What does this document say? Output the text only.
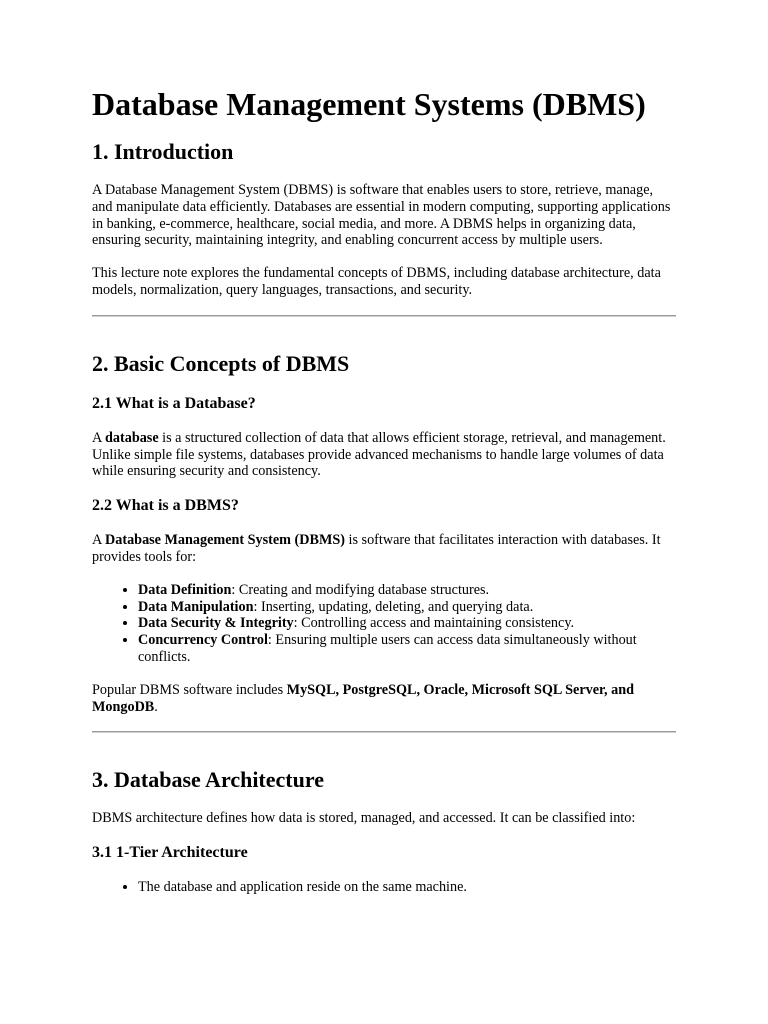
Database Management Systems (DBMS)
1. Introduction

A Database Management System (DBMS) is software that enables users to store, retrieve, manage, and manipulate data efficiently. Databases are essential in modern computing, supporting applications in banking, e-commerce, healthcare, social media, and more. A DBMS helps in organizing data, ensuring security, maintaining integrity, and enabling concurrent access by multiple users.

This lecture note explores the fundamental concepts of DBMS, including database architecture, data models, normalization, query languages, transactions, and security.

2. Basic Concepts of DBMS
2.1 What is a Database?

A database is a structured collection of data that allows efficient storage, retrieval, and management. Unlike simple file systems, databases provide advanced mechanisms to handle large volumes of data while ensuring security and consistency.

2.2 What is a DBMS?

A Database Management System (DBMS) is software that facilitates interaction with databases. It provides tools for:

• Data Definition: Creating and modifying database structures.
• Data Manipulation: Inserting, updating, deleting, and querying data.
• Data Security & Integrity: Controlling access and maintaining consistency.
• Concurrency Control: Ensuring multiple users can access data simultaneously without conflicts.

Popular DBMS software includes MySQL, PostgreSQL, Oracle, Microsoft SQL Server, and MongoDB.

3. Database Architecture

DBMS architecture defines how data is stored, managed, and accessed. It can be classified into:

3.1 1-Tier Architecture
• The database and application reside on the same machine.
